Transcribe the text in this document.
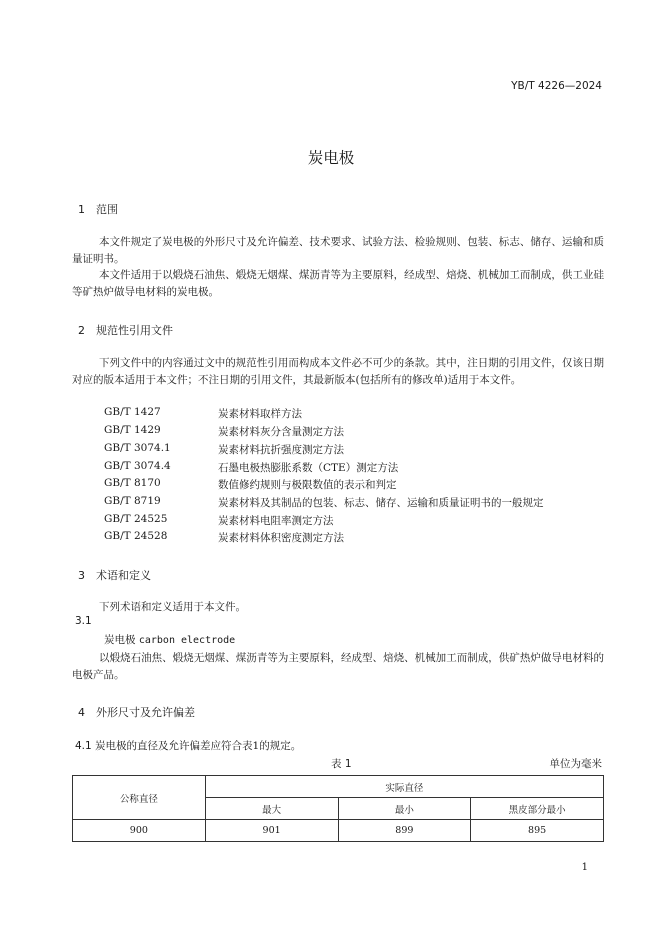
YB/T 4226—2024
炭电极
1 范围
本文件规定了炭电极的外形尺寸及允许偏差、技术要求、试验方法、检验规则、包装、标志、储存、运输和质量证明书。
本文件适用于以煅烧石油焦、煅烧无烟煤、煤沥青等为主要原料，经成型、焙烧、机械加工而制成，供工业硅等矿热炉做导电材料的炭电极。
2 规范性引用文件
下列文件中的内容通过文中的规范性引用而构成本文件必不可少的条款。其中，注日期的引用文件，仅该日期对应的版本适用于本文件；不注日期的引用文件，其最新版本(包括所有的修改单)适用于本文件。
GB/T 1427	炭素材料取样方法
GB/T 1429	炭素材料灰分含量测定方法
GB/T 3074.1	炭素材料抗折强度测定方法
GB/T 3074.4	石墨电极热膨胀系数（CTE）测定方法
GB/T 8170	数值修约规则与极限数值的表示和判定
GB/T 8719	炭素材料及其制品的包装、标志、储存、运输和质量证明书的一般规定
GB/T 24525	炭素材料电阻率测定方法
GB/T 24528	炭素材料体积密度测定方法
3 术语和定义
下列术语和定义适用于本文件。
3.1
炭电极 carbon electrode
以煅烧石油焦、煅烧无烟煤、煤沥青等为主要原料，经成型、焙烧、机械加工而制成，供矿热炉做导电材料的电极产品。
4 外形尺寸及允许偏差
4.1 炭电极的直径及允许偏差应符合表1的规定。
表 1	单位为毫米
公称直径	实际直径		
	最大	最小	黑皮部分最小
900	901	899	895
1
